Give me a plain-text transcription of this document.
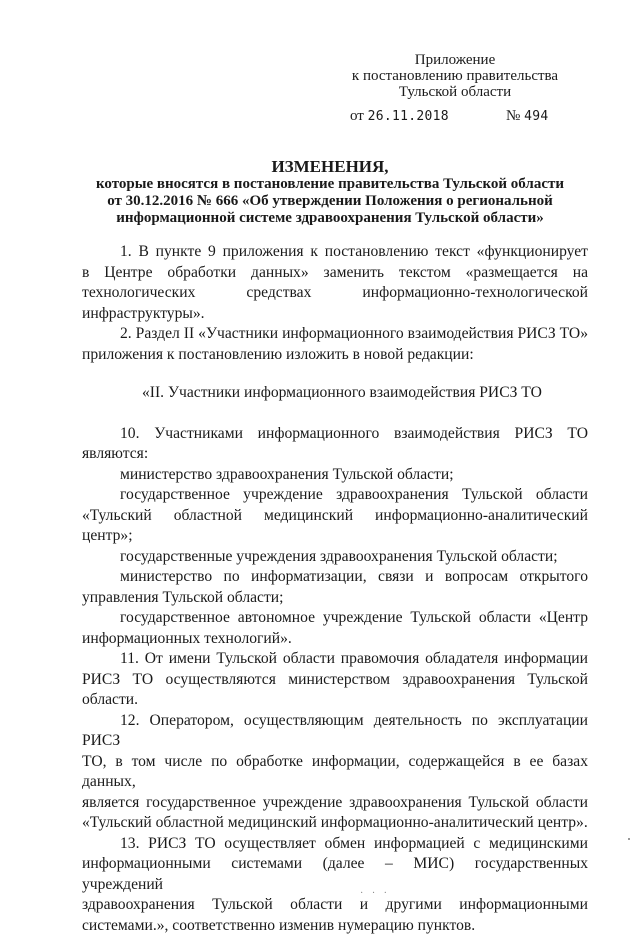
Приложение
к постановлению правительства
Тульской области
от 26.11.2018	№ 494
ИЗМЕНЕНИЯ,
которые вносятся в постановление правительства Тульской области
от 30.12.2016 № 666 «Об утверждении Положения о региональной
информационной системе здравоохранения Тульской области»
1. В пункте 9 приложения к постановлению текст «функционирует
в Центре обработки данных» заменить текстом «размещается на
технологических средствах информационно-технологической
инфраструктуры».
2. Раздел II «Участники информационного взаимодействия РИСЗ ТО»
приложения к постановлению изложить в новой редакции:
«II. Участники информационного взаимодействия РИСЗ ТО
10. Участниками информационного взаимодействия РИСЗ ТО
являются:
министерство здравоохранения Тульской области;
государственное учреждение здравоохранения Тульской области
«Тульский областной медицинский информационно-аналитический центр»;
государственные учреждения здравоохранения Тульской области;
министерство по информатизации, связи и вопросам открытого
управления Тульской области;
государственное автономное учреждение Тульской области «Центр
информационных технологий».
11. От имени Тульской области правомочия обладателя информации
РИСЗ ТО осуществляются министерством здравоохранения Тульской
области.
12. Оператором, осуществляющим деятельность по эксплуатации РИСЗ
ТО, в том числе по обработке информации, содержащейся в ее базах данных,
является государственное учреждение здравоохранения Тульской области
«Тульский областной медицинский информационно-аналитический центр».
13. РИСЗ ТО осуществляет обмен информацией с медицинскими
информационными системами (далее – МИС) государственных учреждений
здравоохранения Тульской области и другими информационными
системами.», соответственно изменив нумерацию пунктов.
· · ·
